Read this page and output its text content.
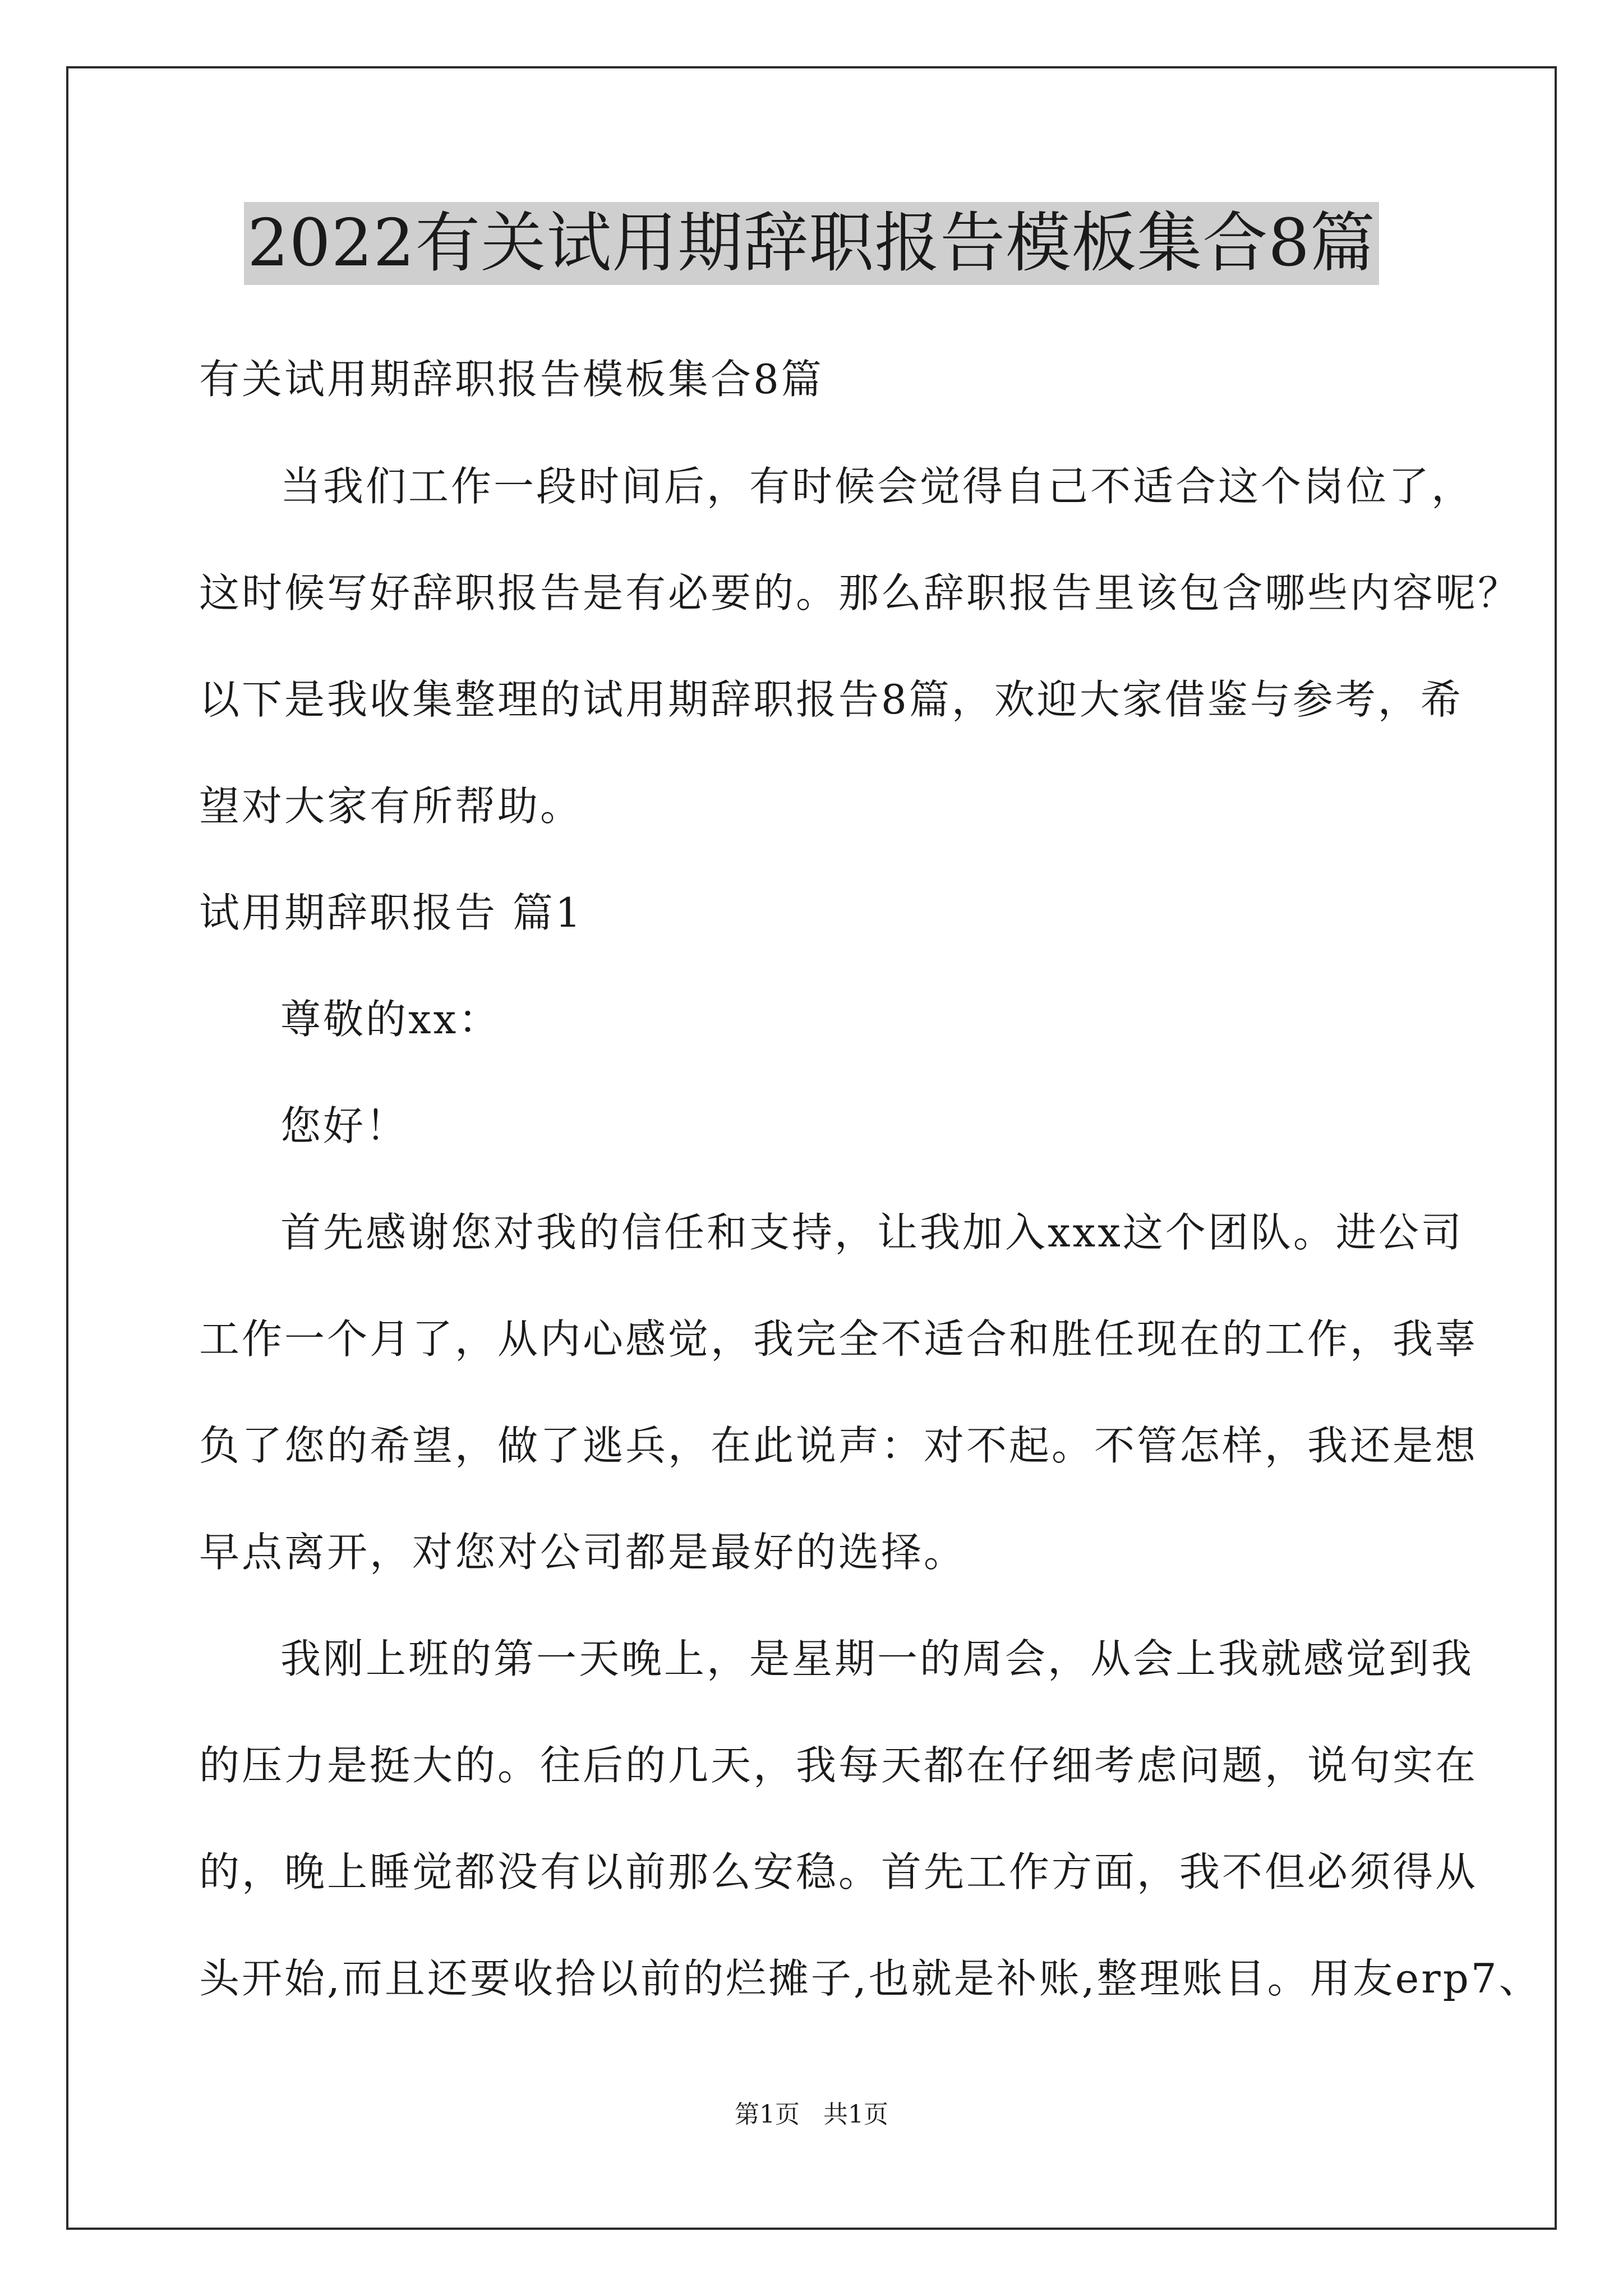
2022有关试用期辞职报告模板集合8篇
有关试用期辞职报告模板集合8篇
当我们工作一段时间后，有时候会觉得自己不适合这个岗位了，
这时候写好辞职报告是有必要的。那么辞职报告里该包含哪些内容呢？
以下是我收集整理的试用期辞职报告8篇，欢迎大家借鉴与参考，希
望对大家有所帮助。
试用期辞职报告 篇1
尊敬的xx：
您好！
首先感谢您对我的信任和支持，让我加入xxx这个团队。进公司
工作一个月了，从内心感觉，我完全不适合和胜任现在的工作，我辜
负了您的希望，做了逃兵，在此说声：对不起。不管怎样，我还是想
早点离开，对您对公司都是最好的选择。
我刚上班的第一天晚上，是星期一的周会，从会上我就感觉到我
的压力是挺大的。往后的几天，我每天都在仔细考虑问题，说句实在
的，晚上睡觉都没有以前那么安稳。首先工作方面，我不但必须得从
头开始,而且还要收拾以前的烂摊子,也就是补账,整理账目。用友erp7、
第1页   共1页
